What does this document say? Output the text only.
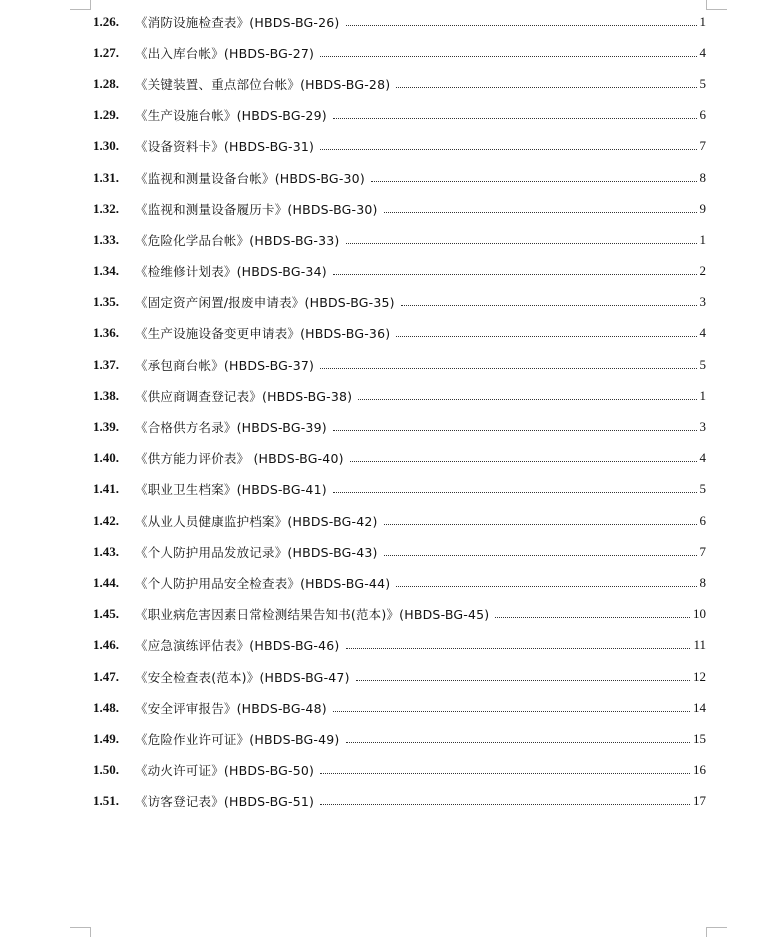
1.26.	《消防设施检查表》(HBDS-BG-26)	1
1.27.	《出入库台帐》(HBDS-BG-27)	4
1.28.	《关键装置、重点部位台帐》(HBDS-BG-28)	5
1.29.	《生产设施台帐》(HBDS-BG-29)	6
1.30.	《设备资料卡》(HBDS-BG-31)	7
1.31.	《监视和测量设备台帐》(HBDS-BG-30)	8
1.32.	《监视和测量设备履历卡》(HBDS-BG-30)	9
1.33.	《危险化学品台帐》(HBDS-BG-33)	1
1.34.	《检维修计划表》(HBDS-BG-34)	2
1.35.	《固定资产闲置/报废申请表》(HBDS-BG-35)	3
1.36.	《生产设施设备变更申请表》(HBDS-BG-36)	4
1.37.	《承包商台帐》(HBDS-BG-37)	5
1.38.	《供应商调查登记表》(HBDS-BG-38)	1
1.39.	《合格供方名录》(HBDS-BG-39)	3
1.40.	《供方能力评价表》 (HBDS-BG-40)	4
1.41.	《职业卫生档案》(HBDS-BG-41)	5
1.42.	《从业人员健康监护档案》(HBDS-BG-42)	6
1.43.	《个人防护用品发放记录》(HBDS-BG-43)	7
1.44.	《个人防护用品安全检查表》(HBDS-BG-44)	8
1.45.	《职业病危害因素日常检测结果告知书(范本)》(HBDS-BG-45)	10
1.46.	《应急演练评估表》(HBDS-BG-46)	11
1.47.	《安全检查表(范本)》(HBDS-BG-47)	12
1.48.	《安全评审报告》(HBDS-BG-48)	14
1.49.	《危险作业许可证》(HBDS-BG-49)	15
1.50.	《动火许可证》(HBDS-BG-50)	16
1.51.	《访客登记表》(HBDS-BG-51)	17
